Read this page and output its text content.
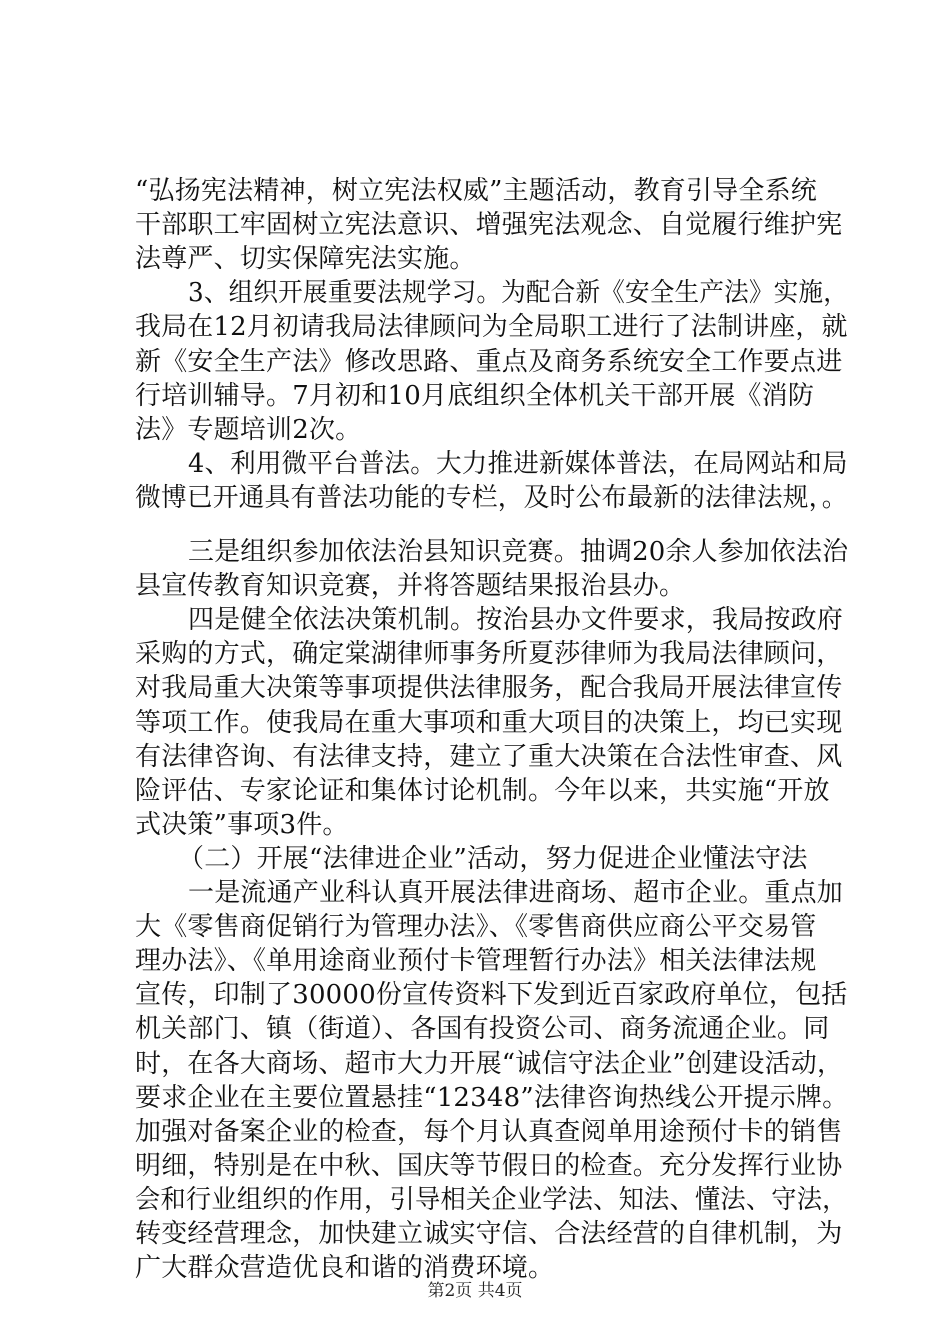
“弘扬宪法精神，树立宪法权威”主题活动，教育引导全系统
干部职工牢固树立宪法意识、增强宪法观念、自觉履行维护宪
法尊严、切实保障宪法实施。
3、组织开展重要法规学习。为配合新《安全生产法》实施，
我局在12月初请我局法律顾问为全局职工进行了法制讲座，就
新《安全生产法》修改思路、重点及商务系统安全工作要点进
行培训辅导。7月初和10月底组织全体机关干部开展《消防
法》专题培训2次。
4、利用微平台普法。大力推进新媒体普法，在局网站和局
微博已开通具有普法功能的专栏，及时公布最新的法律法规，。
三是组织参加依法治县知识竞赛。抽调20余人参加依法治
县宣传教育知识竞赛，并将答题结果报治县办。
四是健全依法决策机制。按治县办文件要求，我局按政府
采购的方式，确定棠湖律师事务所夏莎律师为我局法律顾问，
对我局重大决策等事项提供法律服务，配合我局开展法律宣传
等项工作。使我局在重大事项和重大项目的决策上，均已实现
有法律咨询、有法律支持，建立了重大决策在合法性审查、风
险评估、专家论证和集体讨论机制。今年以来，共实施“开放
式决策”事项3件。
（二）开展“法律进企业”活动，努力促进企业懂法守法
一是流通产业科认真开展法律进商场、超市企业。重点加
大《零售商促销行为管理办法》、《零售商供应商公平交易管
理办法》、《单用途商业预付卡管理暂行办法》相关法律法规
宣传，印制了30000份宣传资料下发到近百家政府单位，包括
机关部门、镇（街道）、各国有投资公司、商务流通企业。同
时，在各大商场、超市大力开展“诚信守法企业”创建设活动，
要求企业在主要位置悬挂“12348”法律咨询热线公开提示牌。
加强对备案企业的检查，每个月认真查阅单用途预付卡的销售
明细，特别是在中秋、国庆等节假日的检查。充分发挥行业协
会和行业组织的作用，引导相关企业学法、知法、懂法、守法，
转变经营理念，加快建立诚实守信、合法经营的自律机制，为
广大群众营造优良和谐的消费环境。
第2页 共4页
